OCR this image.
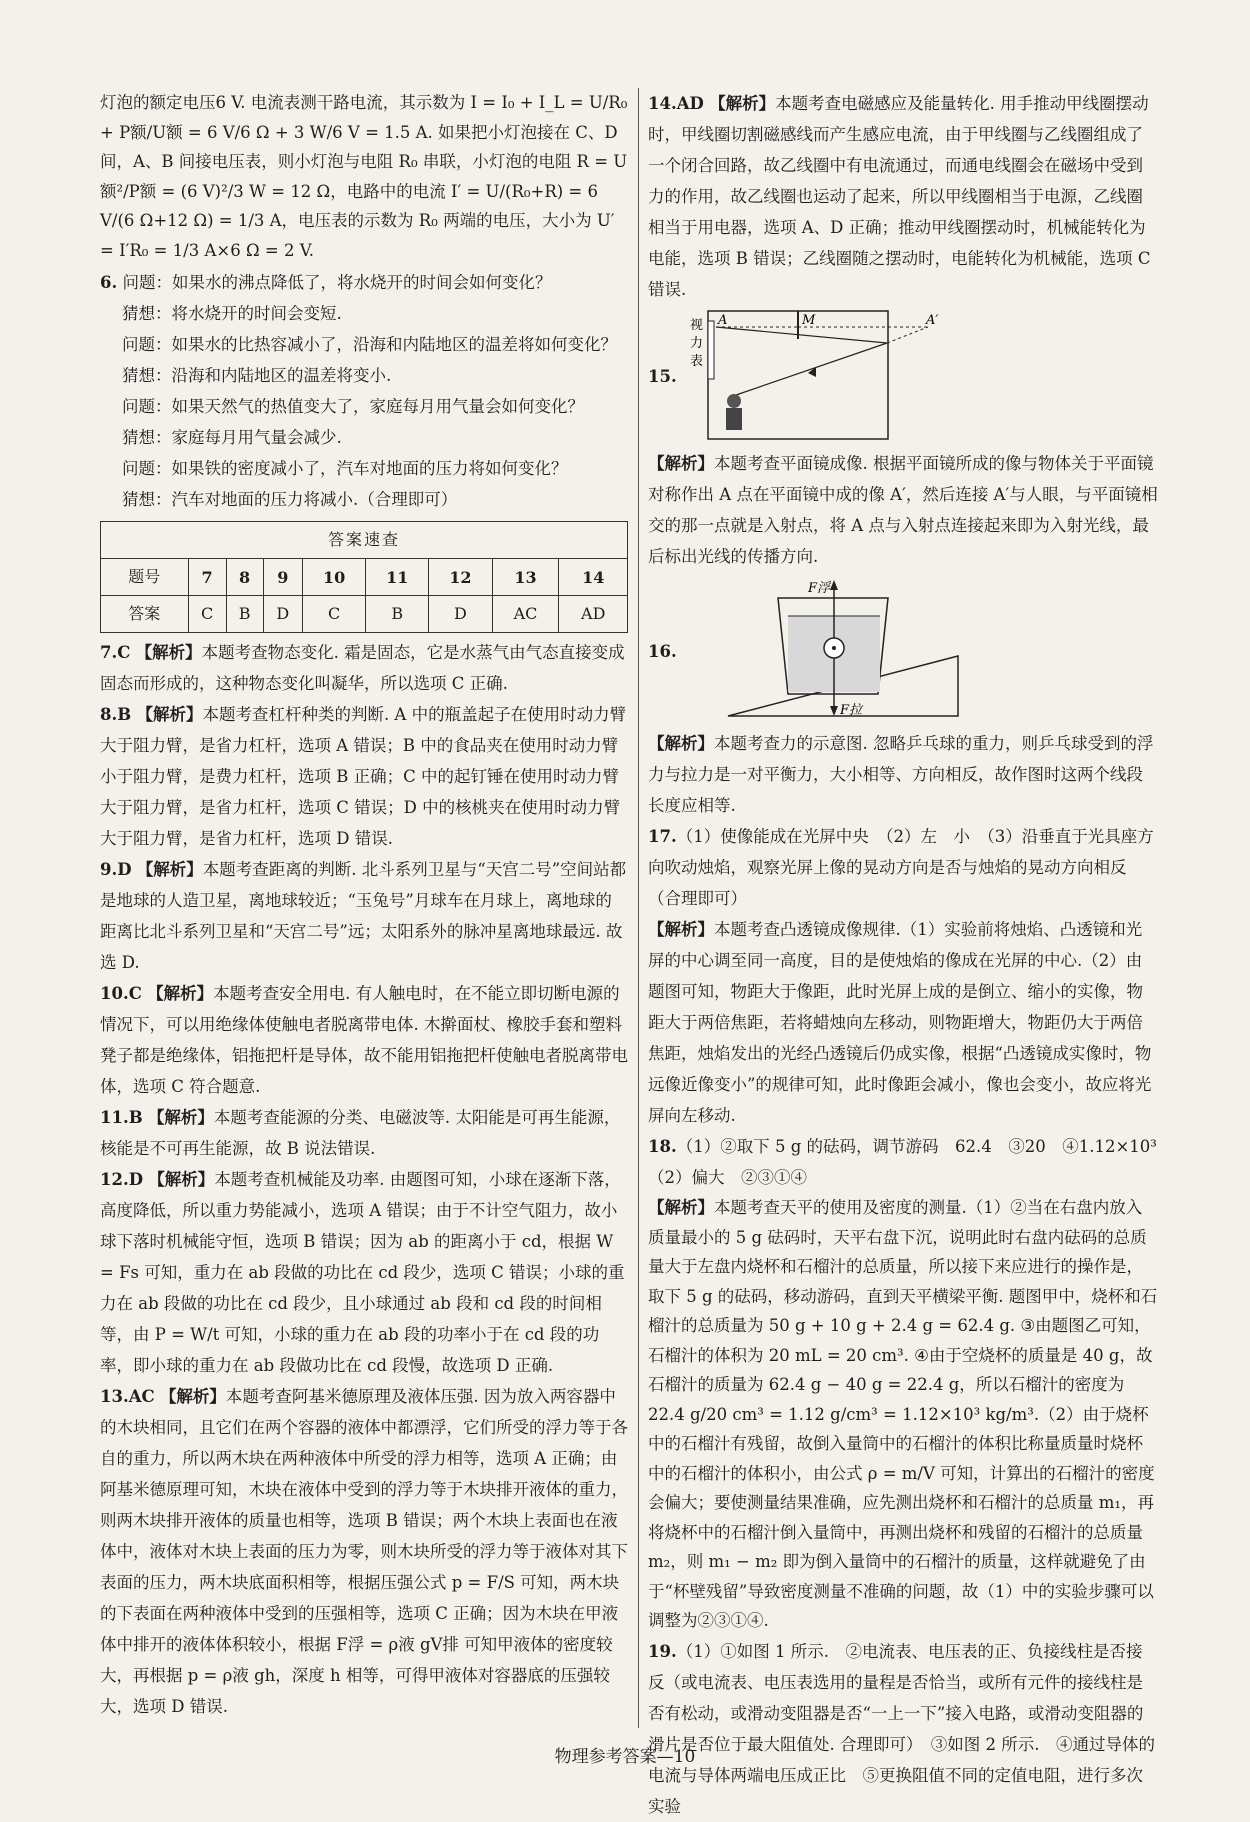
灯泡的额定电压6 V. 电流表测干路电流，其示数为 I = I₀ + I_L = U/R₀ + P额/U额 = 6 V/6 Ω + 3 W/6 V = 1.5 A. 如果把小灯泡接在 C、D 间，A、B 间接电压表，则小灯泡与电阻 R₀ 串联，小灯泡的电阻 R = U额²/P额 = (6 V)²/3 W = 12 Ω，电路中的电流 I′ = U/(R₀+R) = 6 V/(6 Ω+12 Ω) = 1/3 A，电压表的示数为 R₀ 两端的电压，大小为 U′ = I′R₀ = 1/3 A×6 Ω = 2 V.

6. 问题：如果水的沸点降低了，将水烧开的时间会如何变化？

猜想：将水烧开的时间会变短.

问题：如果水的比热容减小了，沿海和内陆地区的温差将如何变化？

猜想：沿海和内陆地区的温差将变小.

问题：如果天然气的热值变大了，家庭每月用气量会如何变化？

猜想：家庭每月用气量会减少.

问题：如果铁的密度减小了，汽车对地面的压力将如何变化？

猜想：汽车对地面的压力将减小.（合理即可）

答案速查								
题号	7	8	9	10	11	12	13	14
答案	C	B	D	C	B	D	AC	AD

7.C 【解析】本题考查物态变化. 霜是固态，它是水蒸气由气态直接变成固态而形成的，这种物态变化叫凝华，所以选项 C 正确.

8.B 【解析】本题考查杠杆种类的判断. A 中的瓶盖起子在使用时动力臂大于阻力臂，是省力杠杆，选项 A 错误；B 中的食品夹在使用时动力臂小于阻力臂，是费力杠杆，选项 B 正确；C 中的起钉锤在使用时动力臂大于阻力臂，是省力杠杆，选项 C 错误；D 中的核桃夹在使用时动力臂大于阻力臂，是省力杠杆，选项 D 错误.

9.D 【解析】本题考查距离的判断. 北斗系列卫星与“天宫二号”空间站都是地球的人造卫星，离地球较近；“玉兔号”月球车在月球上，离地球的距离比北斗系列卫星和“天宫二号”远；太阳系外的脉冲星离地球最远. 故选 D.

10.C 【解析】本题考查安全用电. 有人触电时，在不能立即切断电源的情况下，可以用绝缘体使触电者脱离带电体. 木擀面杖、橡胶手套和塑料凳子都是绝缘体，铝拖把杆是导体，故不能用铝拖把杆使触电者脱离带电体，选项 C 符合题意.

11.B 【解析】本题考查能源的分类、电磁波等. 太阳能是可再生能源，核能是不可再生能源，故 B 说法错误.

12.D 【解析】本题考查机械能及功率. 由题图可知，小球在逐渐下落，高度降低，所以重力势能减小，选项 A 错误；由于不计空气阻力，故小球下落时机械能守恒，选项 B 错误；因为 ab 的距离小于 cd，根据 W = Fs 可知，重力在 ab 段做的功比在 cd 段少，选项 C 错误；小球的重力在 ab 段做的功比在 cd 段少，且小球通过 ab 段和 cd 段的时间相等，由 P = W/t 可知，小球的重力在 ab 段的功率小于在 cd 段的功率，即小球的重力在 ab 段做功比在 cd 段慢，故选项 D 正确.

13.AC 【解析】本题考查阿基米德原理及液体压强. 因为放入两容器中的木块相同，且它们在两个容器的液体中都漂浮，它们所受的浮力等于各自的重力，所以两木块在两种液体中所受的浮力相等，选项 A 正确；由阿基米德原理可知，木块在液体中受到的浮力等于木块排开液体的重力，则两木块排开液体的质量也相等，选项 B 错误；两个木块上表面也在液体中，液体对木块上表面的压力为零，则木块所受的浮力等于液体对其下表面的压力，两木块底面积相等，根据压强公式 p = F/S 可知，两木块的下表面在两种液体中受到的压强相等，选项 C 正确；因为木块在甲液体中排开的液体体积较小，根据 F浮 = ρ液 gV排 可知甲液体的密度较大，再根据 p = ρ液 gh，深度 h 相等，可得甲液体对容器底的压强较大，选项 D 错误.

14.AD 【解析】本题考查电磁感应及能量转化. 用手推动甲线圈摆动时，甲线圈切割磁感线而产生感应电流，由于甲线圈与乙线圈组成了一个闭合回路，故乙线圈中有电流通过，而通电线圈会在磁场中受到力的作用，故乙线圈也运动了起来，所以甲线圈相当于电源，乙线圈相当于用电器，选项 A、D 正确；推动甲线圈摆动时，机械能转化为电能，选项 B 错误；乙线圈随之摆动时，电能转化为机械能，选项 C 错误.

15.
视
力
表
A	M	A′

【解析】本题考查平面镜成像. 根据平面镜所成的像与物体关于平面镜对称作出 A 点在平面镜中成的像 A′，然后连接 A′与人眼，与平面镜相交的那一点就是入射点，将 A 点与入射点连接起来即为入射光线，最后标出光线的传播方向.

16.
F浮
F拉

【解析】本题考查力的示意图. 忽略乒乓球的重力，则乒乓球受到的浮力与拉力是一对平衡力，大小相等、方向相反，故作图时这两个线段长度应相等.

17.（1）使像能成在光屏中央　（2）左　小　（3）沿垂直于光具座方向吹动烛焰，观察光屏上像的晃动方向是否与烛焰的晃动方向相反（合理即可）

【解析】本题考查凸透镜成像规律.（1）实验前将烛焰、凸透镜和光屏的中心调至同一高度，目的是使烛焰的像成在光屏的中心.（2）由题图可知，物距大于像距，此时光屏上成的是倒立、缩小的实像，物距大于两倍焦距，若将蜡烛向左移动，则物距增大，物距仍大于两倍焦距，烛焰发出的光经凸透镜后仍成实像，根据“凸透镜成实像时，物远像近像变小”的规律可知，此时像距会减小，像也会变小，故应将光屏向左移动.

18.（1）②取下 5 g 的砝码，调节游码　62.4　③20　④1.12×10³　（2）偏大　②③①④

【解析】本题考查天平的使用及密度的测量.（1）②当在右盘内放入质量最小的 5 g 砝码时，天平右盘下沉，说明此时右盘内砝码的总质量大于左盘内烧杯和石榴汁的总质量，所以接下来应进行的操作是，取下 5 g 的砝码，移动游码，直到天平横梁平衡. 题图甲中，烧杯和石榴汁的总质量为 50 g + 10 g + 2.4 g = 62.4 g. ③由题图乙可知，石榴汁的体积为 20 mL = 20 cm³. ④由于空烧杯的质量是 40 g，故石榴汁的质量为 62.4 g − 40 g = 22.4 g，所以石榴汁的密度为 22.4 g/20 cm³ = 1.12 g/cm³ = 1.12×10³ kg/m³.（2）由于烧杯中的石榴汁有残留，故倒入量筒中的石榴汁的体积比称量质量时烧杯中的石榴汁的体积小，由公式 ρ = m/V 可知，计算出的石榴汁的密度会偏大；要使测量结果准确，应先测出烧杯和石榴汁的总质量 m₁，再将烧杯中的石榴汁倒入量筒中，再测出烧杯和残留的石榴汁的总质量 m₂，则 m₁ − m₂ 即为倒入量筒中的石榴汁的质量，这样就避免了由于“杯壁残留”导致密度测量不准确的问题，故（1）中的实验步骤可以调整为②③①④.

19.（1）①如图 1 所示.　②电流表、电压表的正、负接线柱是否接反（或电流表、电压表选用的量程是否恰当，或所有元件的接线柱是否有松动，或滑动变阻器是否“一上一下”接入电路，或滑动变阻器的滑片是否位于最大阻值处. 合理即可）　③如图 2 所示.　④通过导体的电流与导体两端电压成正比　⑤更换阻值不同的定值电阻，进行多次实验

物理参考答案—10
